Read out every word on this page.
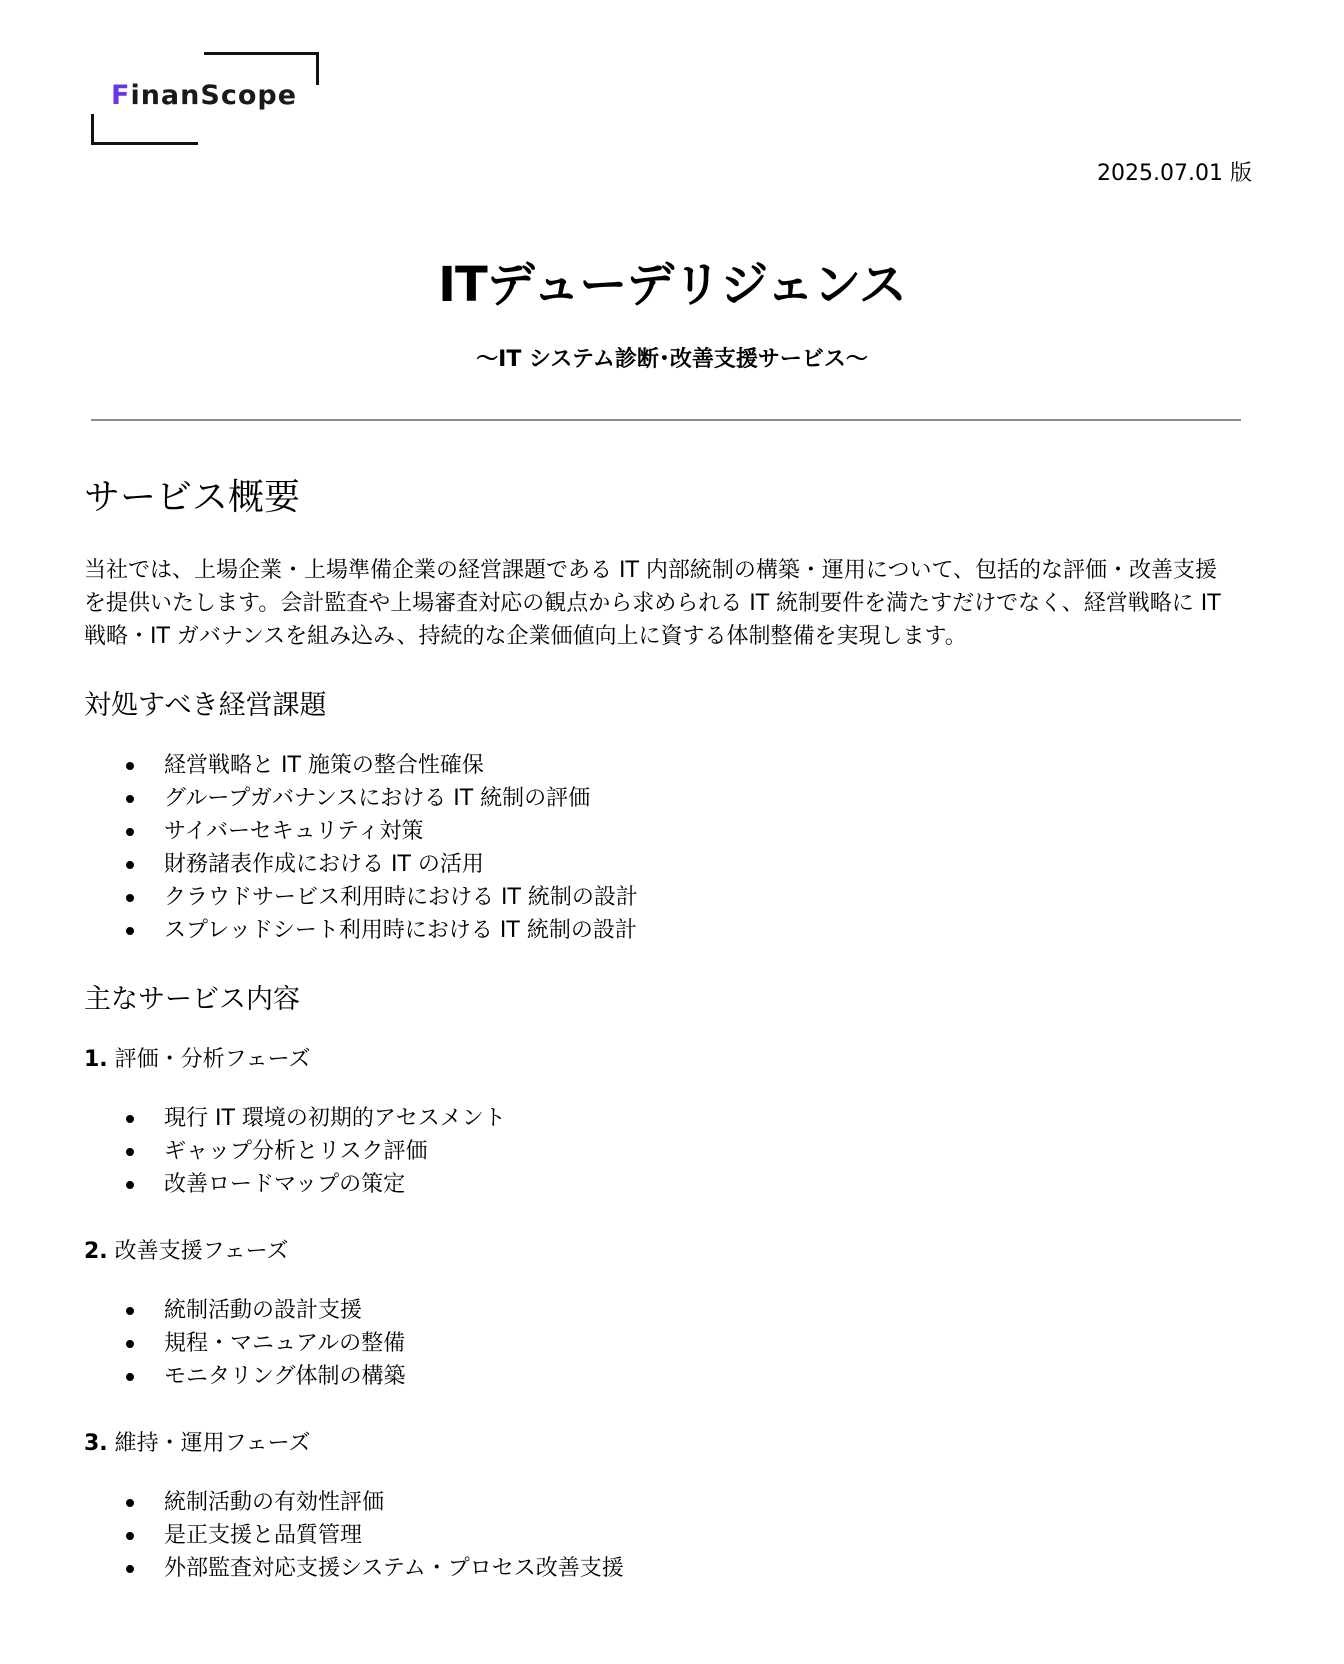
FinanScope
2025.07.01 版
ITデューデリジェンス
～IT システム診断･改善支援サービス～
サービス概要

当社では、上場企業・上場準備企業の経営課題である IT 内部統制の構築・運用について、包括的な評価・改善支援を提供いたします。会計監査や上場審査対応の観点から求められる IT 統制要件を満たすだけでなく、経営戦略に IT 戦略・IT ガバナンスを組み込み、持続的な企業価値向上に資する体制整備を実現します。

対処すべき経営課題
経営戦略と IT 施策の整合性確保
グループガバナンスにおける IT 統制の評価
サイバーセキュリティ対策
財務諸表作成における IT の活用
クラウドサービス利用時における IT 統制の設計
スプレッドシート利用時における IT 統制の設計
主なサービス内容
1. 評価・分析フェーズ
現行 IT 環境の初期的アセスメント
ギャップ分析とリスク評価
改善ロードマップの策定
2. 改善支援フェーズ
統制活動の設計支援
規程・マニュアルの整備
モニタリング体制の構築
3. 維持・運用フェーズ
統制活動の有効性評価
是正支援と品質管理
外部監査対応支援システム・プロセス改善支援
